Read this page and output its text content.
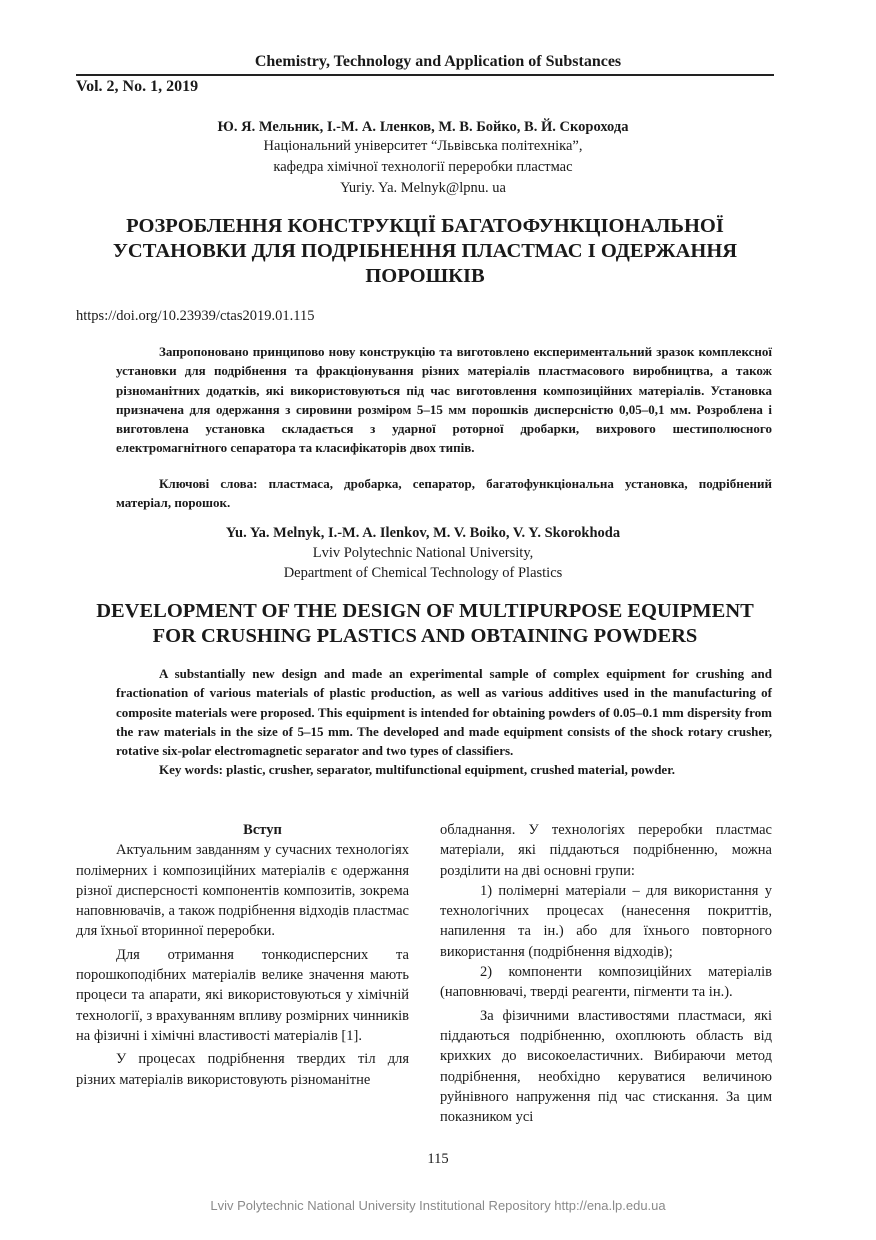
Chemistry, Technology and Application of Substances
Vol. 2, No. 1, 2019
Ю. Я. Мельник, І.-М. А. Іленков, М. В. Бойко, В. Й. Скорохода
Національний університет “Львівська політехніка”,
кафедра хімічної технології переробки пластмас
Yuriy. Ya. Melnyk@lpnu. ua
РОЗРОБЛЕННЯ КОНСТРУКЦІЇ БАГАТОФУНКЦІОНАЛЬНОЇ УСТАНОВКИ ДЛЯ ПОДРІБНЕННЯ ПЛАСТМАС І ОДЕРЖАННЯ ПОРОШКІВ
https://doi.org/10.23939/ctas2019.01.115

Запропоновано принципово нову конструкцію та виготовлено експериментальний зразок комплексної установки для подрібнення та фракціонування різних матеріалів пластмасового виробництва, а також різноманітних додатків, які використовуються під час виготовлення композиційних матеріалів. Установка призначена для одержання з сировини розміром 5–15 мм порошків дисперсністю 0,05–0,1 мм. Розроблена і виготовлена установка складається з ударної роторної дробарки, вихрового шестиполюсного електромагнітного сепаратора та класифікаторів двох типів.

Ключові слова: пластмаса, дробарка, сепаратор, багатофункціональна установка, подрібнений матеріал, порошок.

Yu. Ya. Melnyk, I.-M. A. Ilenkov, M. V. Boiko, V. Y. Skorokhoda
Lviv Polytechnic National University,
Department of Chemical Technology of Plastics
DEVELOPMENT OF THE DESIGN OF MULTIPURPOSE EQUIPMENT FOR CRUSHING PLASTICS AND OBTAINING POWDERS

A substantially new design and made an experimental sample of complex equipment for crushing and fractionation of various materials of plastic production, as well as various additives used in the manufacturing of composite materials were proposed. This equipment is intended for obtaining powders of 0.05–0.1 mm dispersity from the raw materials in the size of 5–15 mm. The developed and made equipment consists of the shock rotary crusher, rotative six-polar electromagnetic separator and two types of classifiers.

Key words: plastic, crusher, separator, multifunctional equipment, crushed material, powder.

Вступ

Актуальним завданням у сучасних технологіях полімерних і композиційних матеріалів є одержання різної дисперсності компонентів композитів, зокрема наповнювачів, а також подрібнення відходів пластмас для їхньої вторинної переробки.

Для отримання тонкодисперсних та порошкоподібних матеріалів велике значення мають процеси та апарати, які використовуються у хімічній технології, з врахуванням впливу розмірних чинників на фізичні і хімічні властивості матеріалів [1].

У процесах подрібнення твердих тіл для різних матеріалів використовують різноманітне

обладнання. У технологіях переробки пластмас матеріали, які піддаються подрібненню, можна розділити на дві основні групи:

1) полімерні матеріали – для використання у технологічних процесах (нанесення покриттів, напилення та ін.) або для їхнього повторного використання (подрібнення відходів);

2) компоненти композиційних матеріалів (наповнювачі, тверді реагенти, пігменти та ін.).

За фізичними властивостями пластмаси, які піддаються подрібненню, охоплюють область від крихких до високоеластичних. Вибираючи метод подрібнення, необхідно керуватися величиною руйнівного напруження під час стискання. За цим показником усі

115
Lviv Polytechnic National University Institutional Repository http://ena.lp.edu.ua
